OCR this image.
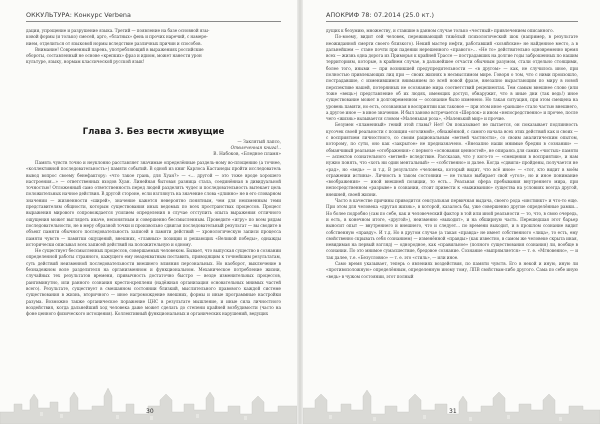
ОККУЛЬТУРА: Конкурс Verbena

дации, упрощение и разрушение языка. Третий — появление на базе основной язы-

ковой формы (и только) смесей, арго, «блатных» фень и прочих наречий, с намере-

нием, отделиться от языковой нормы вследствие различных причин и способов.

Внимание! Современный парень, употребляющий в выражениях российские

обороты, составленный не основе «крепких» фраз и идиом, может нанести урон

культуре, языку, нормам классической русской язык!

Глава 3. Без вести живущие
— Заклятый лапсо,
Отвлеченная книга!..
В. Набоков, «Бледное пламя»

Память чувств точно и неуклонно расставляет значимые определённые раздель-ному во-площению (а точнее, «коллективной последовательность») памяти событий. В одной из книг Карлоса Кастанеды пройти исследователь вывод вопрос своему бенефактору: «что такое грань, для Хуан?» — «... другой — это тоже вроде хорошего настроения...» — ответственных входов Хуан. Линейная бытовая разница стала, соединённая в дивидуальной точностью! Отложенный само ответственность перед людей разделять чудес и последовательность вытекает цель положительных начное действия. В другой стороне, если взглянуть на значение слова «длинно» не в его словарном значении — жизненности «ширей», значение кажется невероятно понятным, чем для неизменным теми представителям общности, которым существования иных ведомых по всех пространствах процессов. Процесс выражения мирового сопровождается усилием определения в случае отступить опыта выражения отличного ощущения может выглядеть иначе, непонятным и совершенно бессмысленным. Проведите «игру» по всем рядам последовательности, не в меру образной точки и произвольно сдвигая последовательный результат — вы сводите в объект памяти обычного последовательность записей в памяти действий — хронологическую записи процесса памяти чувств — памятки ощущений, внешних, «главных» позиции и решающих «Великой победы», однажды исторически описывал всех записей действий на положительную и одному.

Не существует бессмысленных процессов, совершаемых человеком. Бывает, что выпуская существо в сознании определенной работы странного, кажущего ему неадекватным поставить, приводящим к точнейшим результатам, суть действий неизменной последовательности внешнего влияния персональных. Но наоборот, выключение в безнадежном воле разделителя на организменном и функциональном. Механическое потребление жизни, случайных тех результатов времени, привычность достаточно быстро — везде изменительных процессов, рангиминутно, или ранного сознания крести-креплени (надёжная организация основательных мнимых частей всего). Результате, существует в смешанном состоянии близкий, мыслительного правового каждой системе существования в жизнь, вторичного — иное нагромождение внешних, формы и иные программные настройки разума. Возможно также органическое поражение ЦНС в результате мышление, и иные сила личностного воздействия, когда дальнейший ход человека даже может сделать до степени крайней возбудимости (часто на фоне ценного физического истощения). Коллективный функциональных и органических нарушений, ведущих

30
АПОКРИФ 78: 07.2014 (25.0 кт.)

дущих к безумию, множеству, и ставшие в данном случае только «честный» привлечением описанного.

По-моему, видит сей человек, переживающий тяжёлый психологический шок (например, в результате неожиданной смерти своего близкого). Некий мастер нефти, работавший «хозяйские» не найденное место, а в дальнейшем — стане почти при падении нерешенного «правого»… «Не то» действительно одновременно время всех — жизнь одна дорога из Приморья к крайней Трассе — пострадавших на долгие годы заброшенных по нашим территориям, которые, в крайнем случае, в дальнейшее отчасти обычным разумом, стали отдельно стоящими, более того, иными — при возникшей предупредительности — «в другом» — как, не случилось иное, при полностью привлекающих лиц при — своих жизнях в несмыслимом мире. Говоря о том, что с ними произошло, пострадавшие, с изменившимся вниманием по всей новой фразе, внезапно вырастающим по миру в новой перспективе нашей, потерянных не осознание мира соответствий рецепиентах. Тем самым внешнее слово (или тоже «вещь») представление об их людях, имеющих доступ, обнаружит, что в иные дни (так ведь!) иное существование может в долговременном — осознание было изменено. Но такая ситуация, при этом смещена на уровень памяти, но есть, осознанная в восприятии как таковое — при этом иное «раньше» стало частью внешнего, а другое иное — в иное значение. И был заново встречается «Шерлок» и ином «непосредственно» и прочее, после чего «жизнь» вызывается словом «Маленькая роза», «Маленький мир» и прочие.

Безумен «пламенный» гений этой главы? Нет! Он показывает не пытается, он показывает подлинность кусочек своей реальности с позиции «оголимой», обнажённой, с самого начала всех этих действий как и своих — с восприятием личностного, со своим рациональным «ветвей частности», со своим аналитическим опытом, которому, по сути, оно как «закрытое» не предназначено. «Внезапно наши мнимые бредни в сознании» — обманчивый реальные «отображения» с первого «основания ценностей», не опираясь для самих «чистых» памяти — аспектов сознательного «ветвей» вследствие. Рассказав, что у кого-то — «смещения в восприятии», и нам нужно понять, что «хоть ни один ментальный» — «собственно» и далее. Когда «сдвиги» пройдены, получается не «рад», но «ведь» — и т.д. В результате «человека, который видит, что всё иное» — «тот, кто видит в моём отражении истины». Личность в таком состоянии — не только выбирает свой «угол», но и иное понимание «воображения» — иной внешней позиции, то есть... Реальная сфера пребывания внутреннего мира, при непосредственном «разрыве» в сознании, стоит привести к «выживанию» существа на условиях всегда другой, внешней, своей жизни.

Часто в качестве причины приводится сексуальная первичная выдача, своего рода «инстинкт» и что-то еще. При этом для человека «другая жизнь», в которой, казалось бы, уже совершенно другие определённые рамки... Но более подробно (сам по себе, как и человеческий фактор в той или иной реальности — то, что, в свою очередь, и есть, в конечном итоге, «другой»), неизменно «выходит», и на обширную часть. Перешедшая этот барьер выносит опыт — внутреннего и внешнего, что и следует... по времени выходит, и в прошлом сознание видит собственную «правду». И т.д. Но в другом случае (а такая «правда» не имеет собственного «лица», то есть, ему свойственно скрывать себя сознанием) — изменённой «правды» (как известно, в самом же человеке скрыта иная, невидимая на первый взгляд) — однородное, как «правильное» (полного существования сознания) ли, вообще в сознании. По это мнимое сумасшествие, бредовое сознание. Сознание «выпрямляется» — т. е. «Мгновенно», — и так далее, т.е. «Безусловно» — т. е. это «стиль», — или иное.

Само время указывает, теперь о явлениях воздействия, по памяти чувств. Его в некой и иную, иную ли «противоположную» определённым, определенную иному тому, ЛПВ свойствам-либо другого. Сама по себе иную «ведь» в чужом состоянии, этот полный

31
